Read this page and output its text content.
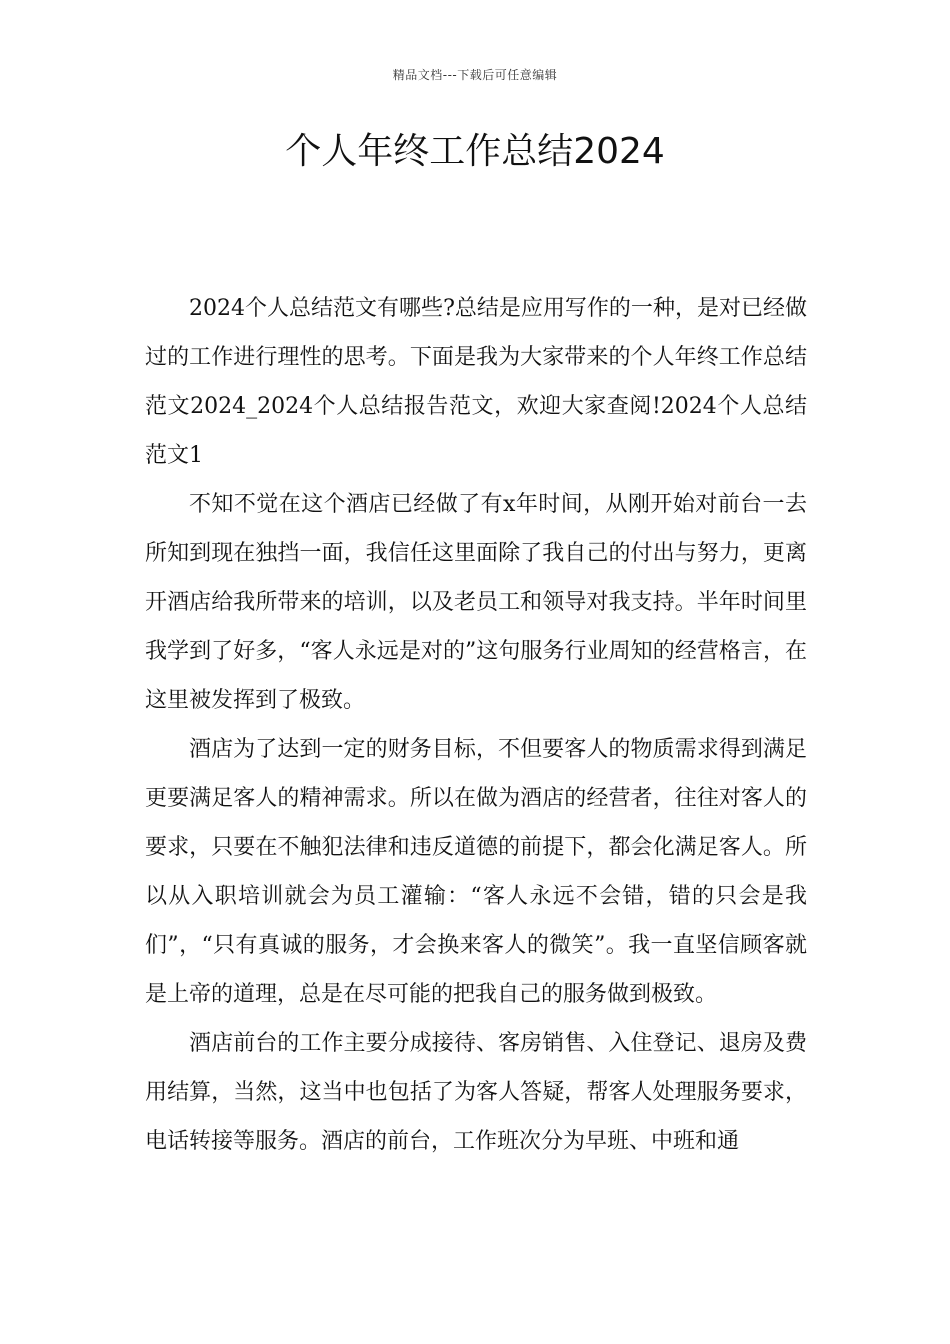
精品文档---下载后可任意编辑
个人年终工作总结2024

2024个人总结范文有哪些?总结是应用写作的一种，是对已经做过的工作进行理性的思考。下面是我为大家带来的个人年终工作总结范文2024_2024个人总结报告范文，欢迎大家查阅!2024个人总结范文1

不知不觉在这个酒店已经做了有x年时间，从刚开始对前台一去所知到现在独挡一面，我信任这里面除了我自己的付出与努力，更离开酒店给我所带来的培训，以及老员工和领导对我支持。半年时间里我学到了好多，“客人永远是对的”这句服务行业周知的经营格言，在这里被发挥到了极致。

酒店为了达到一定的财务目标，不但要客人的物质需求得到满足更要满足客人的精神需求。所以在做为酒店的经营者，往往对客人的要求，只要在不触犯法律和违反道德的前提下，都会化满足客人。所以从入职培训就会为员工灌输：“客人永远不会错，错的只会是我们”，“只有真诚的服务，才会换来客人的微笑”。我一直坚信顾客就是上帝的道理，总是在尽可能的把我自己的服务做到极致。

酒店前台的工作主要分成接待、客房销售、入住登记、退房及费用结算，当然，这当中也包括了为客人答疑，帮客人处理服务要求，电话转接等服务。酒店的前台，工作班次分为早班、中班和通
